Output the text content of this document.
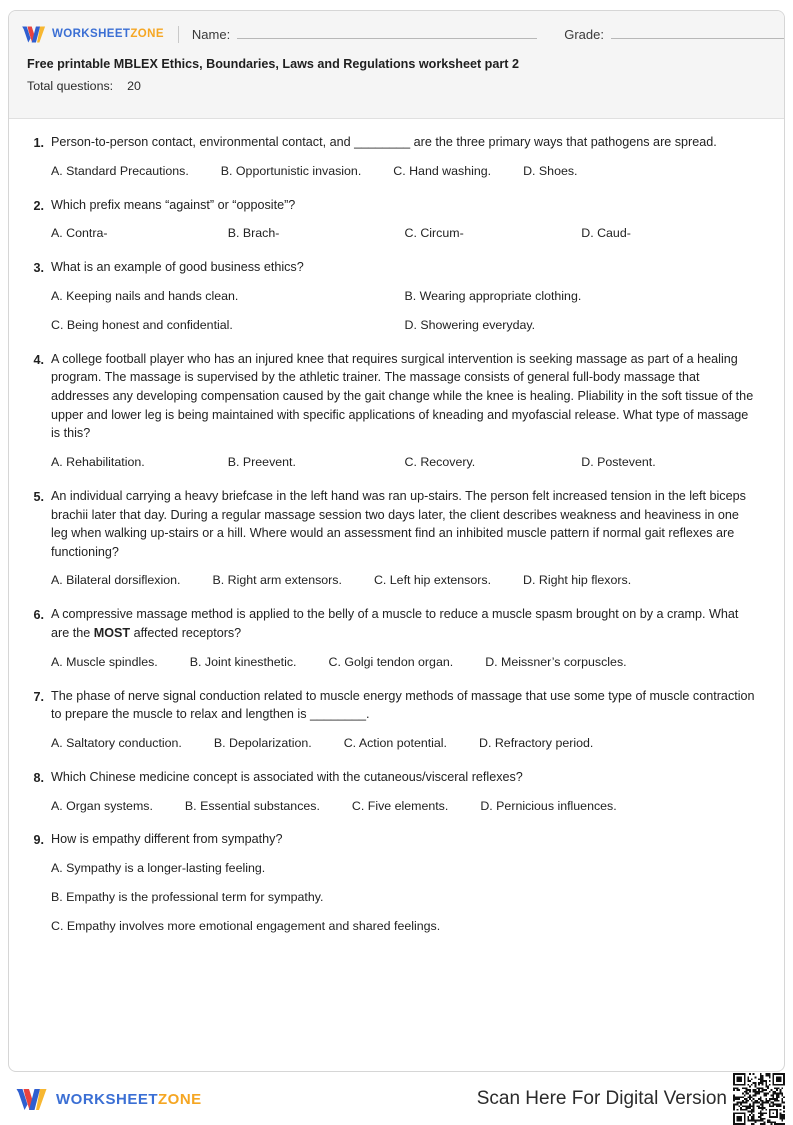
WORKSHEETZONE Name:	Grade:
Free printable MBLEX Ethics, Boundaries, Laws and Regulations worksheet part 2
Total questions: 20
1. Person-to-person contact, environmental contact, and ________ are the three primary ways that pathogens are spread.

A. Standard Precautions.	B. Opportunistic invasion.	C. Hand washing.	D. Shoes.
2. Which prefix means “against” or “opposite”?

A. Contra-	B. Brach-	C. Circum-	D. Caud-
3. What is an example of good business ethics?

A. Keeping nails and hands clean.	B. Wearing appropriate clothing.
C. Being honest and confidential.	D. Showering everyday.
4. A college football player who has an injured knee that requires surgical intervention is seeking massage as part of a healing program. The massage is supervised by the athletic trainer. The massage consists of general full-body massage that addresses any developing compensation caused by the gait change while the knee is healing. Pliability in the soft tissue of the upper and lower leg is being maintained with specific applications of kneading and myofascial release. What type of massage is this?

A. Rehabilitation.	B. Preevent.	C. Recovery.	D. Postevent.
5. An individual carrying a heavy briefcase in the left hand was ran up-stairs. The person felt increased tension in the left biceps brachii later that day. During a regular massage session two days later, the client describes weakness and heaviness in one leg when walking up-stairs or a hill. Where would an assessment find an inhibited muscle pattern if normal gait reflexes are functioning?

A. Bilateral dorsiflexion.	B. Right arm extensors.	C. Left hip extensors.	D. Right hip flexors.
6. A compressive massage method is applied to the belly of a muscle to reduce a muscle spasm brought on by a cramp. What are the MOST affected receptors?

A. Muscle spindles.	B. Joint kinesthetic.	C. Golgi tendon organ.	D. Meissner’s corpuscles.
7. The phase of nerve signal conduction related to muscle energy methods of massage that use some type of muscle contraction to prepare the muscle to relax and lengthen is ________.

A. Saltatory conduction.	B. Depolarization.	C. Action potential.	D. Refractory period.
8. Which Chinese medicine concept is associated with the cutaneous/visceral reflexes?

A. Organ systems.	B. Essential substances.	C. Five elements.	D. Pernicious influences.
9. How is empathy different from sympathy?

A. Sympathy is a longer-lasting feeling.
B. Empathy is the professional term for sympathy.
C. Empathy involves more emotional engagement and shared feelings.
WORKSHEETZONE	Scan Here For Digital Version
